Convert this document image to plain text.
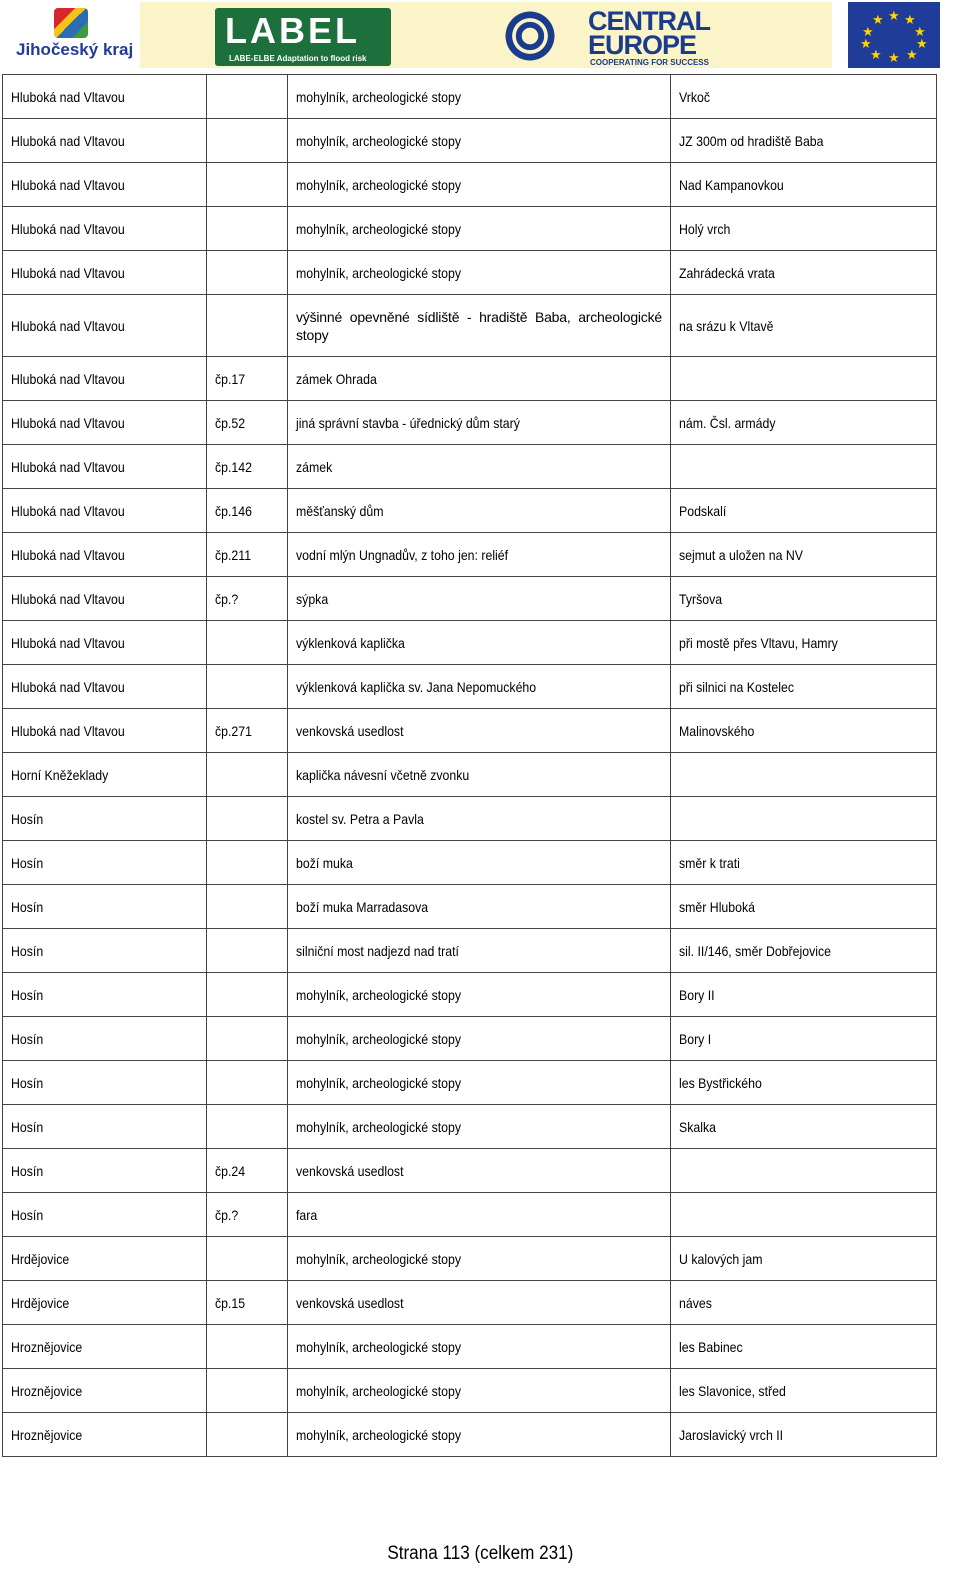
Jihočeský kraj	LABEL
LABE-ELBE Adaptation to flood risk
CENTRAL
EUROPE
COOPERATING FOR SUCCESS
★ ★
★
★
★
★
★
★
★
★
Hluboká nad Vltavou		mohylník, archeologické stopy	Vrkoč
Hluboká nad Vltavou		mohylník, archeologické stopy	JZ 300m od hradiště Baba
Hluboká nad Vltavou		mohylník, archeologické stopy	Nad Kampanovkou
Hluboká nad Vltavou		mohylník, archeologické stopy	Holý vrch
Hluboká nad Vltavou		mohylník, archeologické stopy	Zahrádecká vrata
Hluboká nad Vltavou		výšinné opevněné sídliště - hradiště Baba, archeologické stopy	na srázu k Vltavě
Hluboká nad Vltavou	čp.17	zámek Ohrada	
Hluboká nad Vltavou	čp.52	jiná správní stavba - úřednický dům starý	nám. Čsl. armády
Hluboká nad Vltavou	čp.142	zámek	
Hluboká nad Vltavou	čp.146	měšťanský dům	Podskalí
Hluboká nad Vltavou	čp.211	vodní mlýn Ungnadův, z toho jen: reliéf	sejmut a uložen na NV
Hluboká nad Vltavou	čp.?	sýpka	Tyršova
Hluboká nad Vltavou		výklenková kaplička	při mostě přes Vltavu, Hamry
Hluboká nad Vltavou		výklenková kaplička sv. Jana Nepomuckého	při silnici na Kostelec
Hluboká nad Vltavou	čp.271	venkovská usedlost	Malinovského
Horní Kněžeklady		kaplička návesní včetně zvonku	
Hosín		kostel sv. Petra a Pavla	
Hosín		boží muka	směr k trati
Hosín		boží muka Marradasova	směr Hluboká
Hosín		silniční most nadjezd nad tratí	sil. II/146, směr Dobřejovice
Hosín		mohylník, archeologické stopy	Bory II
Hosín		mohylník, archeologické stopy	Bory I
Hosín		mohylník, archeologické stopy	les Bystřického
Hosín		mohylník, archeologické stopy	Skalka
Hosín	čp.24	venkovská usedlost	
Hosín	čp.?	fara	
Hrdějovice		mohylník, archeologické stopy	U kalových jam
Hrdějovice	čp.15	venkovská usedlost	náves
Hroznějovice		mohylník, archeologické stopy	les Babinec
Hroznějovice		mohylník, archeologické stopy	les Slavonice, střed
Hroznějovice		mohylník, archeologické stopy	Jaroslavický vrch II
Strana 113 (celkem 231)
